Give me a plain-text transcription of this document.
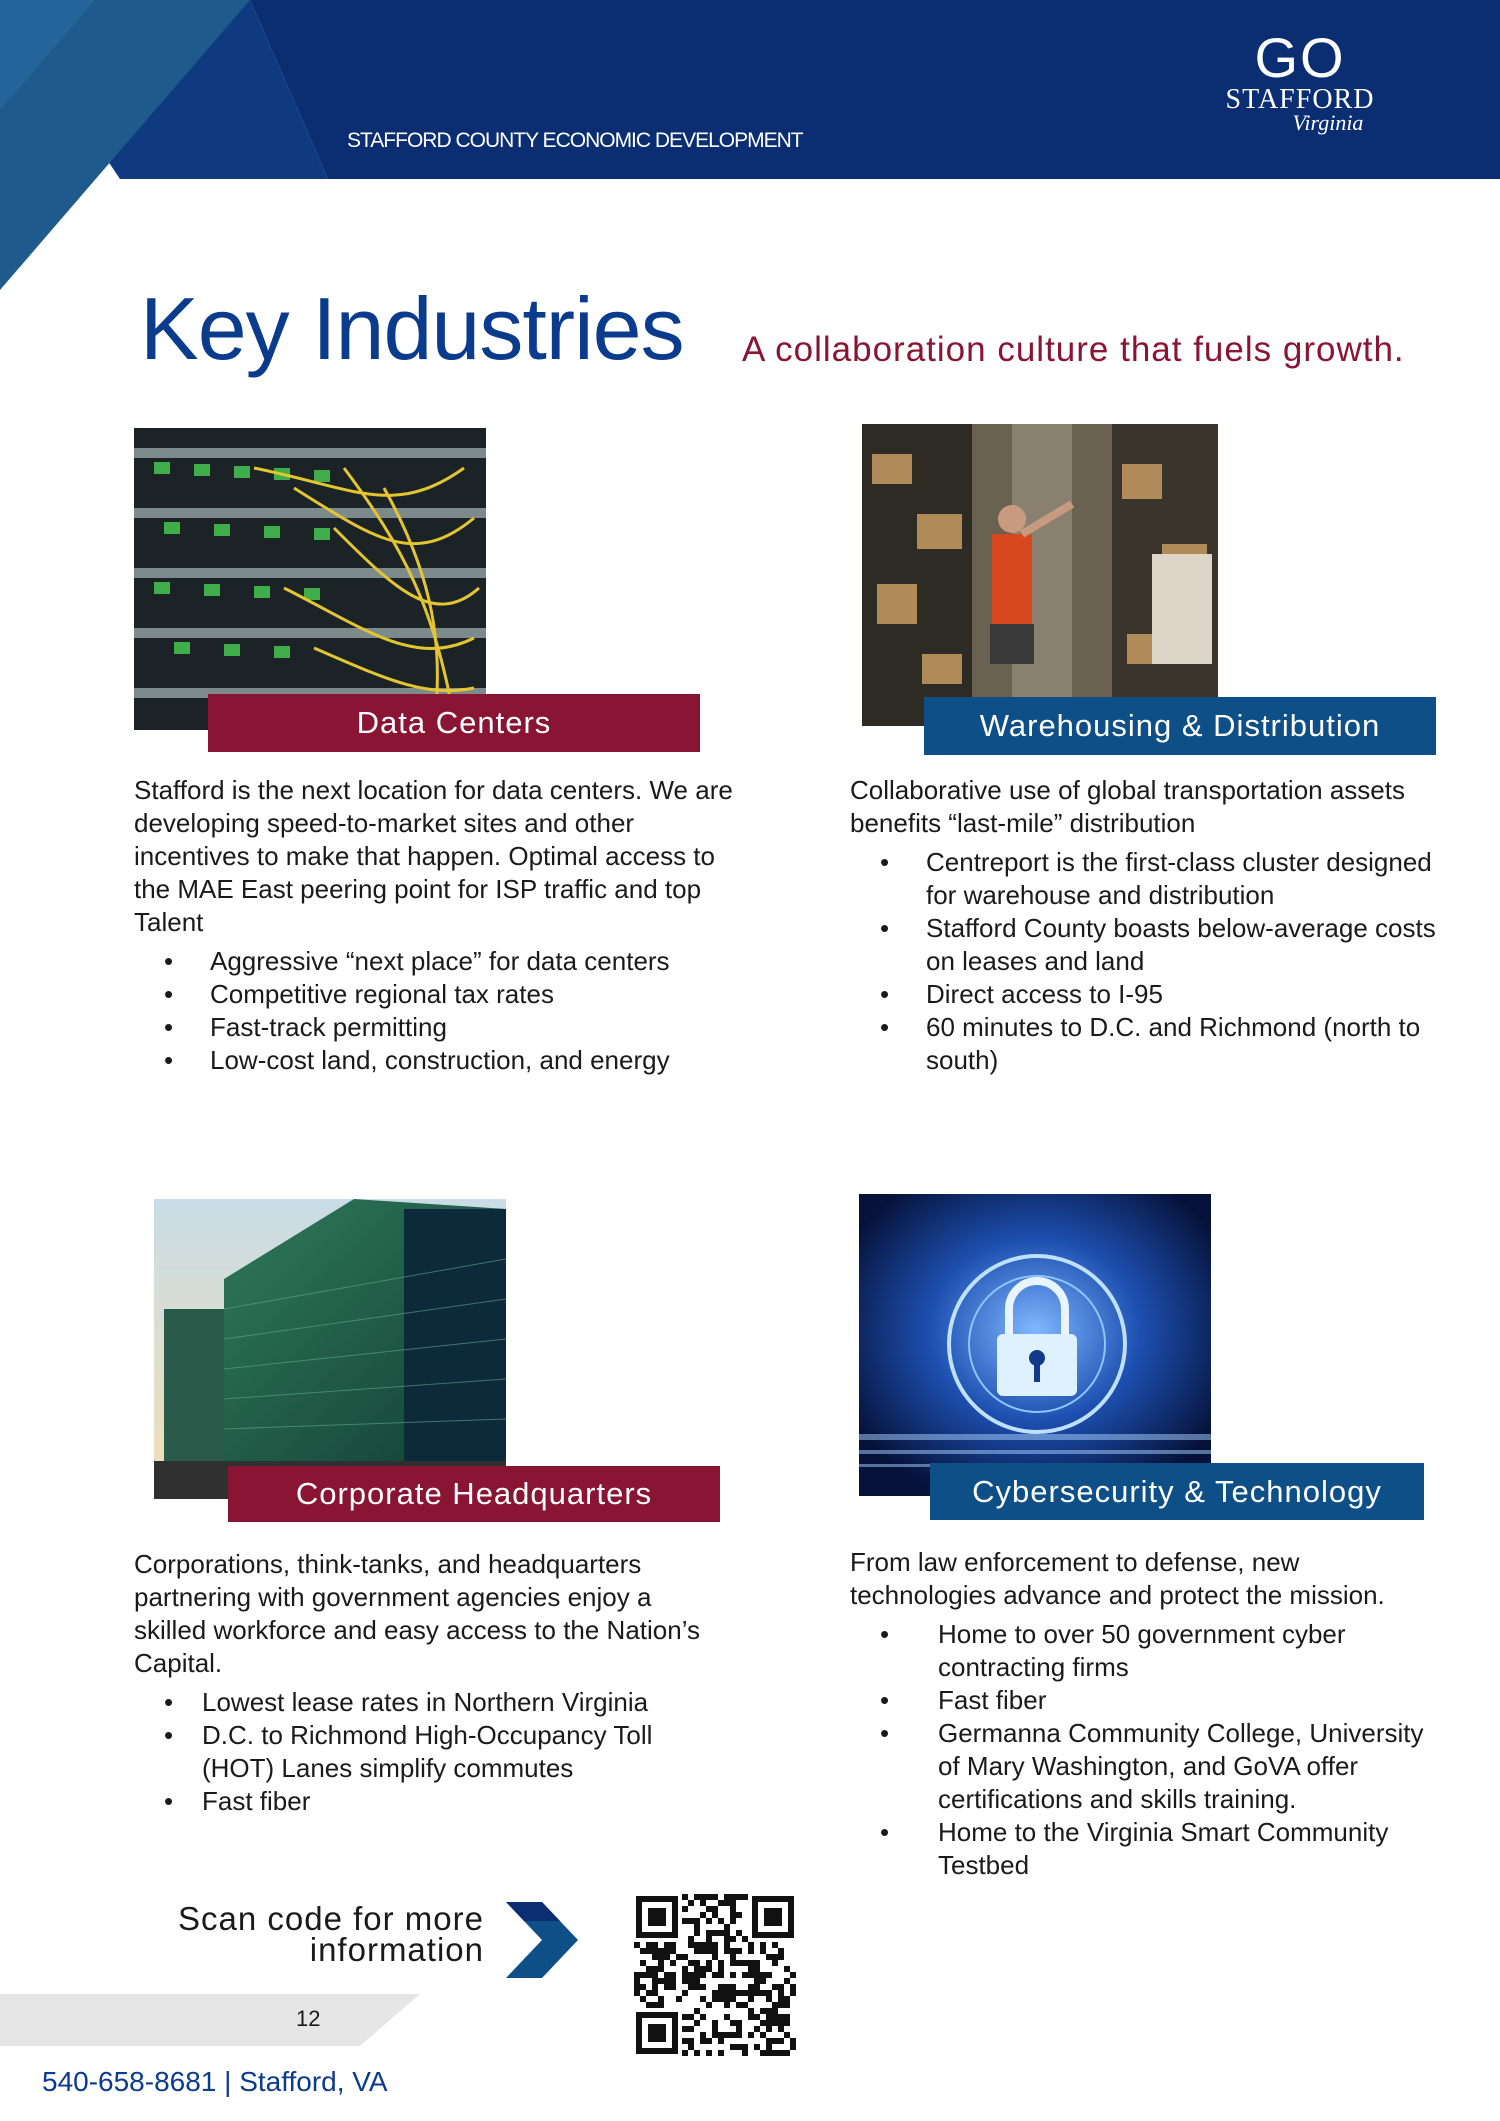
STAFFORD COUNTY ECONOMIC DEVELOPMENT
GO
STAFFORD
Virginia
Key Industries A collaboration culture that fuels growth.
Data Centers

Stafford is the next location for data centers. We are developing speed-to-market sites and other incentives to make that happen. Optimal access to the MAE East peering point for ISP traffic and top Talent

• Aggressive “next place” for data centers
• Competitive regional tax rates
• Fast-track permitting
• Low-cost land, construction, and energy
Warehousing & Distribution

Collaborative use of global transportation assets benefits “last-mile” distribution

• Centreport is the first-class cluster designed for warehouse and distribution
• Stafford County boasts below-average costs on leases and land
• Direct access to I-95
• 60 minutes to D.C. and Richmond (north to south)
Corporate Headquarters

Corporations, think-tanks, and headquarters partnering with government agencies enjoy a skilled workforce and easy access to the Nation’s Capital.

• Lowest lease rates in Northern Virginia
• D.C. to Richmond High-Occupancy Toll (HOT) Lanes simplify commutes
• Fast fiber
Cybersecurity & Technology

From law enforcement to defense, new technologies advance and protect the mission.

• Home to over 50 government cyber contracting firms
• Fast fiber
• Germanna Community College, University of Mary Washington, and GoVA offer certifications and skills training.
• Home to the Virginia Smart Community Testbed
Scan code for more
information
12
540-658-8681 | Stafford, VA
